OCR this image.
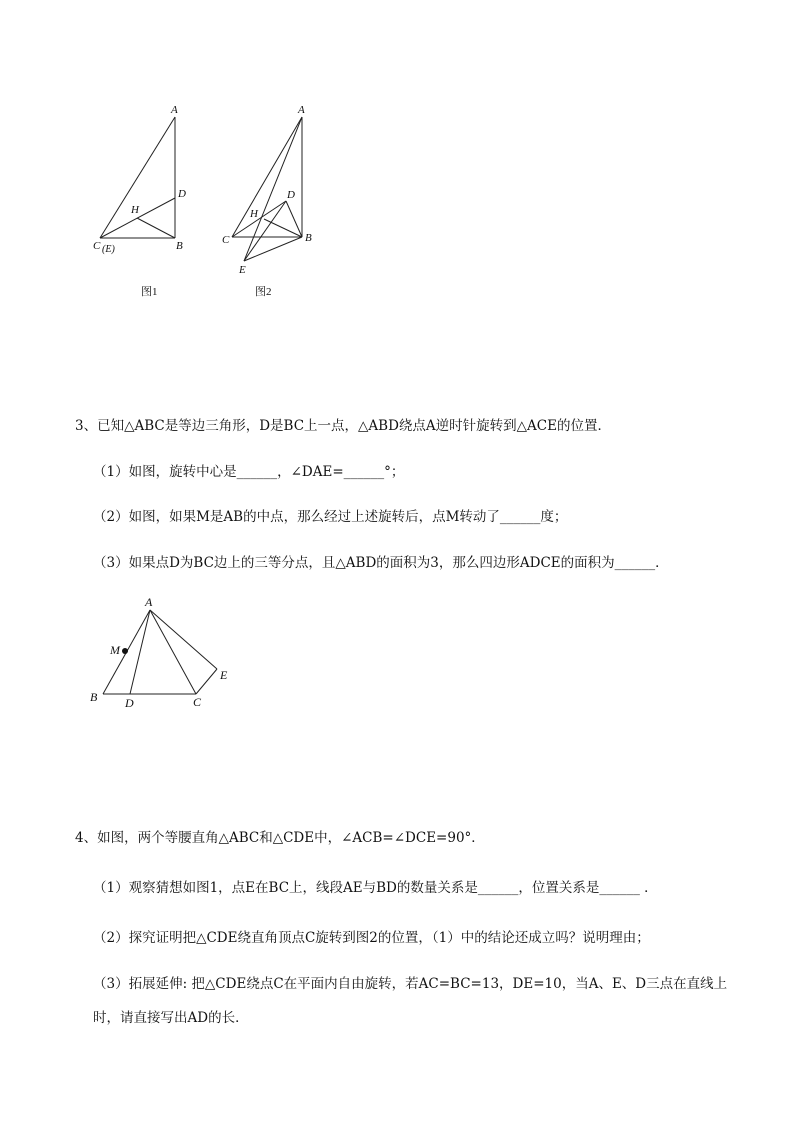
A
D
H
C (E)	B
图1
A
D
H
C	B
E
图2
3、已知△ABC是等边三角形，D是BC上一点，△ABD绕点A逆时针旋转到△ACE的位置．
（1）如图，旋转中心是______，∠DAE=______°；
（2）如图，如果M是AB的中点，那么经过上述旋转后，点M转动了______度；
（3）如果点D为BC边上的三等分点，且△ABD的面积为3，那么四边形ADCE的面积为______．
A
M
B D	C
E
4、如图，两个等腰直角△ABC和△CDE中，∠ACB=∠DCE=90°．
（1）观察猜想如图1，点E在BC上，线段AE与BD的数量关系是______，位置关系是______ ．
（2）探究证明把△CDE绕直角顶点C旋转到图2的位置，（1）中的结论还成立吗？说明理由；
（3）拓展延伸: 把△CDE绕点C在平面内自由旋转，若AC=BC=13，DE=10，当A、E、D三点在直线上
时，请直接写出AD的长．
